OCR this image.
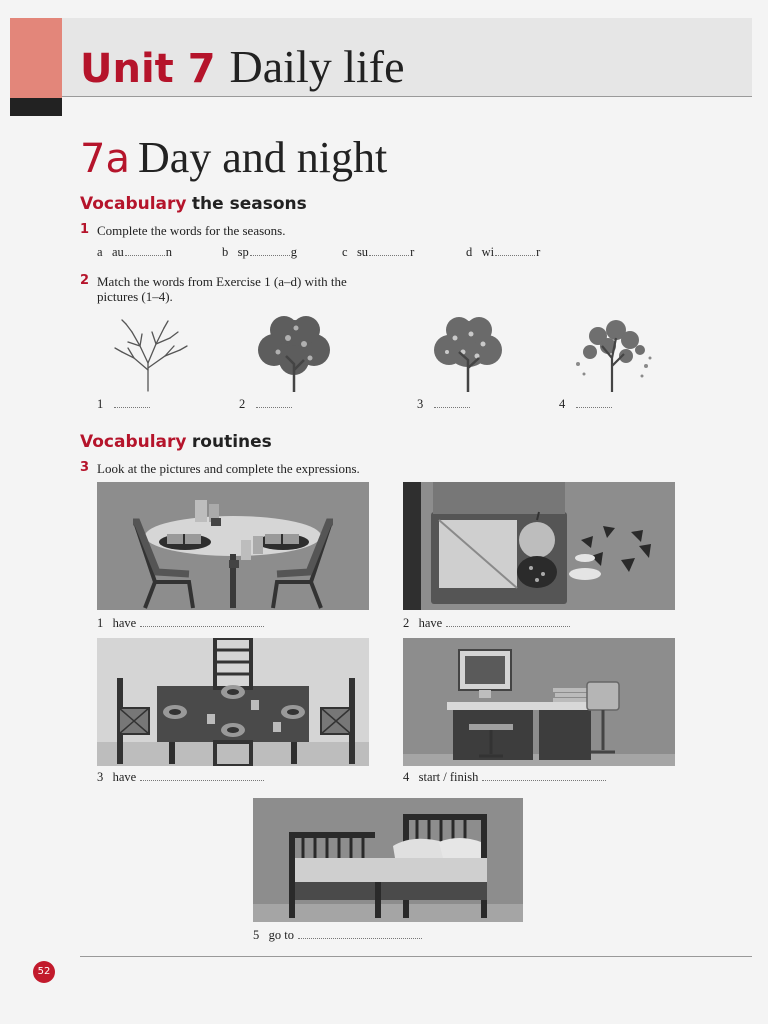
Unit 7 Daily life
7a Day and night
Vocabulary the seasons
1 Complete the words for the seasons.
a au	n	b sp	g	c su	r	d wi	r
2 Match the words from Exercise 1 (a–d) with the
pictures (1–4).
1	2	3	4
Vocabulary routines
3 Look at the pictures and complete the expressions.
1 have	2 have
3 have	4 start / finish
5 go to
52
